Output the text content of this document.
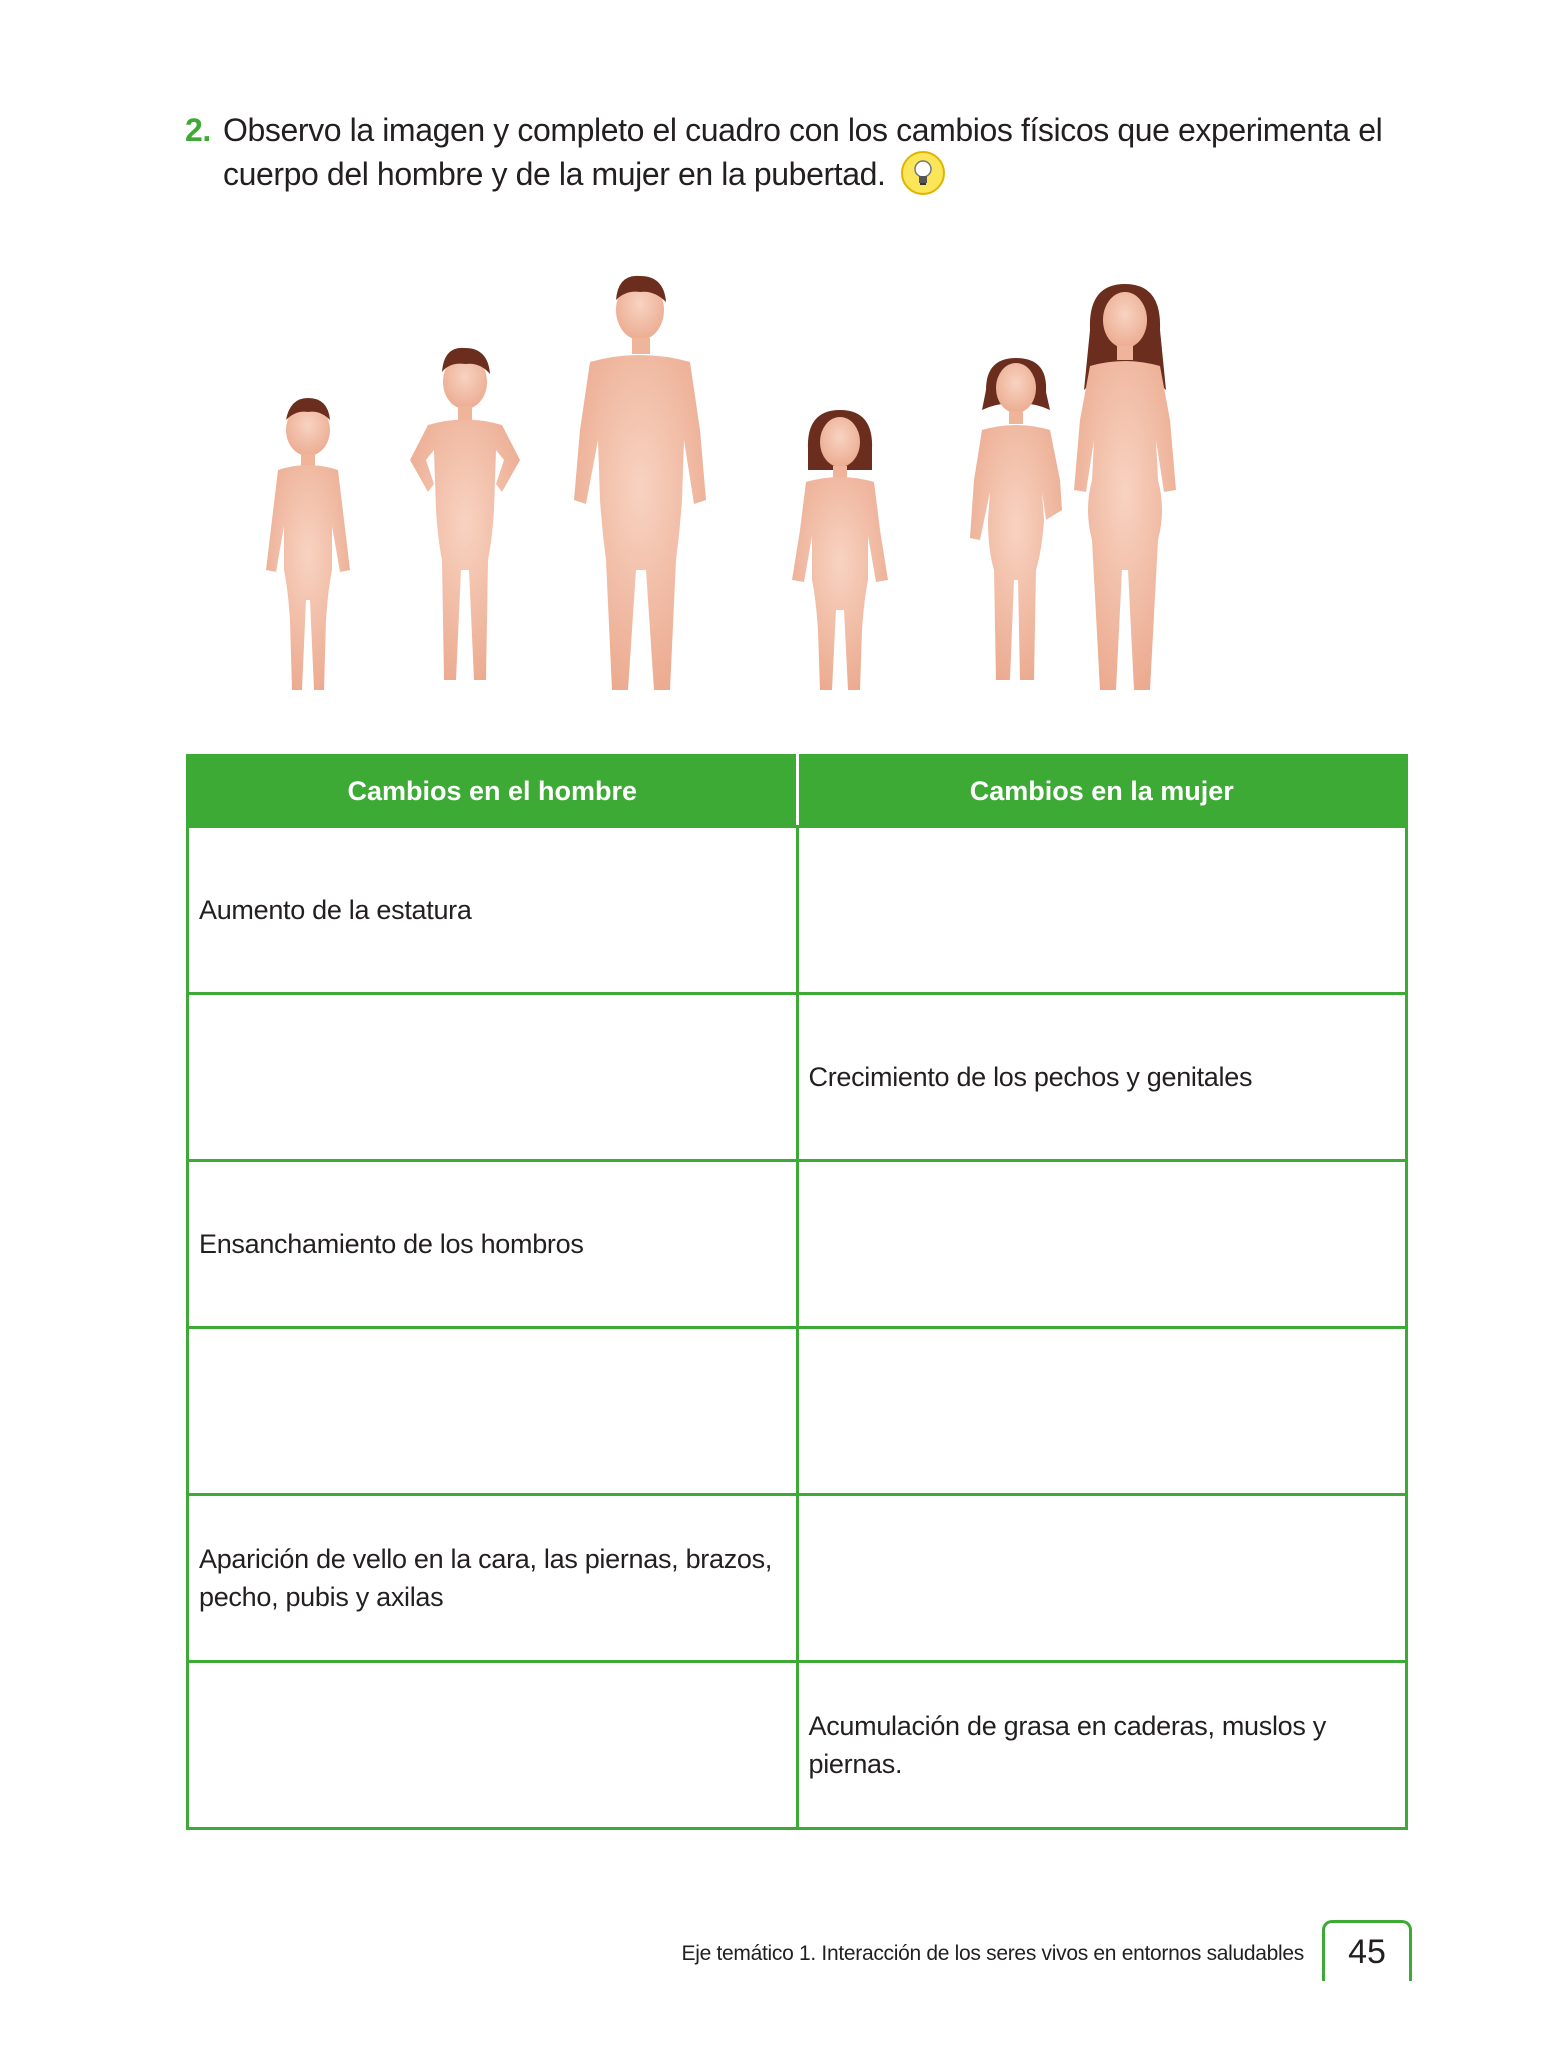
2. Observo la imagen y completo el cuadro con los cambios físicos que experimenta el cuerpo del hombre y de la mujer en la pubertad.
Cambios en el hombre	Cambios en la mujer
Aumento de la estatura	
	Crecimiento de los pechos y genitales
Ensanchamiento de los hombros	

Aparición de vello en la cara, las piernas, brazos, pecho, pubis y axilas	
	Acumulación de grasa en caderas, muslos y piernas.
Eje temático 1. Interacción de los seres vivos en entornos saludables	45
